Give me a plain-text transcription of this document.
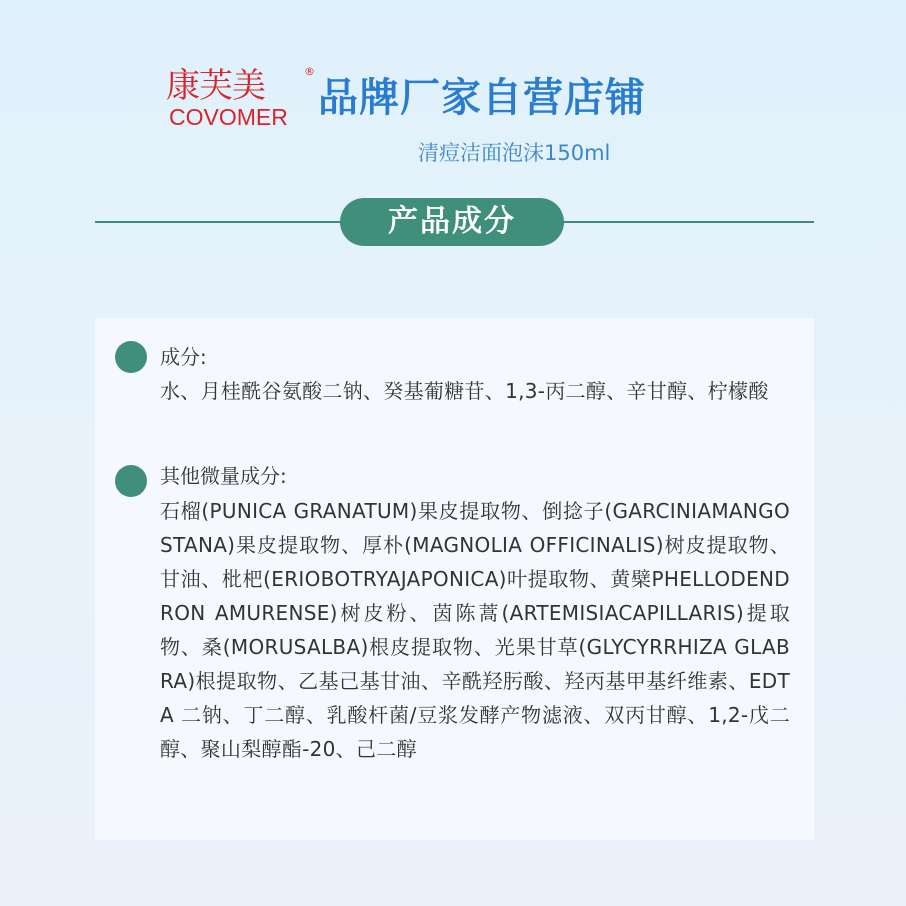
康芙美	®
COVOMER 品牌厂家自营店铺
清痘洁面泡沫150ml
产品成分
成分:
水、月桂酰谷氨酸二钠、癸基葡糖苷、1,3-丙二醇、辛甘醇、柠檬酸
其他微量成分:
石榴(PUNICA GRANATUM)果皮提取物、倒捻子(GARCINIAMANGOSTANA)果皮提取物、厚朴(MAGNOLIA OFFICINALIS)树皮提取物、甘油、枇杷(ERIOBOTRYAJAPONICA)叶提取物、黄檗PHELLODENDRON AMURENSE)树皮粉、茵陈蒿(ARTEMISIACAPILLARIS)提取物、桑(MORUSALBA)根皮提取物、光果甘草(GLYCYRRHIZA GLABRA)根提取物、乙基己基甘油、辛酰羟肟酸、羟丙基甲基纤维素、EDTA 二钠、丁二醇、乳酸杆菌/豆浆发酵产物滤液、双丙甘醇、1,2-戊二醇、聚山梨醇酯-20、己二醇
